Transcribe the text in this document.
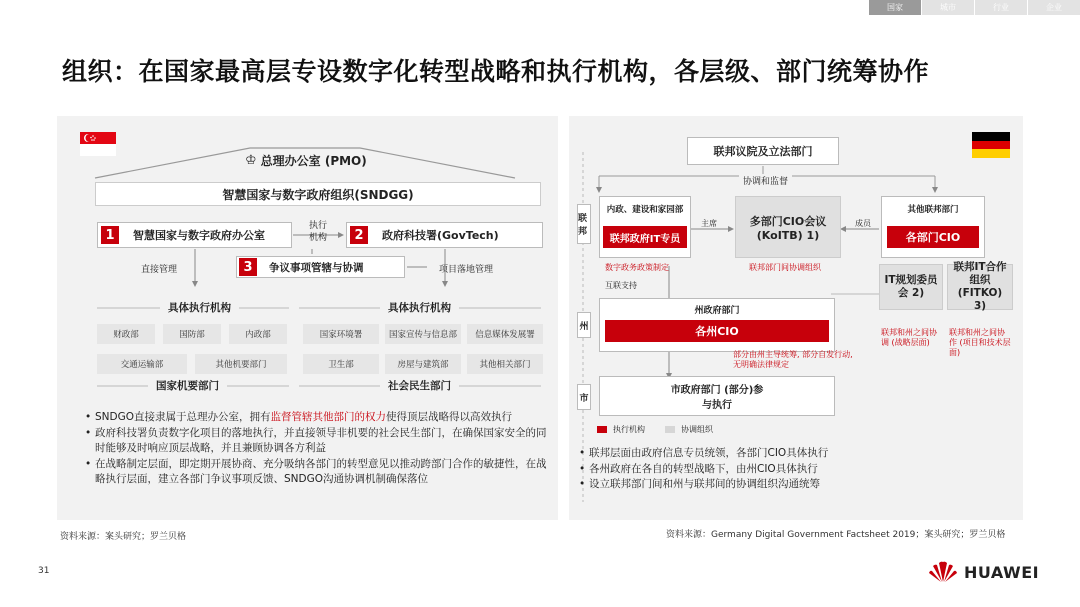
国家	城市	行业	企业
组织：在国家最高层专设数字化转型战略和执行机构，各层级、部门统筹协作
♔ 总理办公室 (PMO)
智慧国家与数字政府组织(SNDGG)
1	智慧国家与数字政府办公室	2	政府科技署(GovTech)
3	争议事项管辖与协调
执行
机构
直接管理	项目落地管理
具体执行机构
财政部	国防部	内政部
交通运输部	其他机要部门
国家机要部门
具体执行机构
国家环境署	国家宣传与信息部	信息媒体发展署
卫生部	房屋与建筑部	其他相关部门
社会民生部门
• SNDGO直接隶属于总理办公室，拥有监督管辖其他部门的权力使得顶层战略得以高效执行
• 政府科技署负责数字化项目的落地执行，并直接领导非机要的社会民生部门，在确保国家安全的同时能够及时响应顶层战略，并且兼顾协调各方利益
• 在战略制定层面，即定期开展协商、充分吸纳各部门的转型意见以推动跨部门合作的敏捷性，在战略执行层面，建立各部门争议事项反馈、SNDGO沟通协调机制确保落位
资料来源：案头研究；罗兰贝格
联邦议院及立法部门
协调和监督
联邦
州
市
内政、建设和家园部
联邦政府IT专员
数字政务政策制定
主席	多部门CIO会议 (KoITB) 1)
联邦部门间协调组织
成员
其他联邦部门
各部门CIO
互联支持	IT规划委员会 2)
联邦IT合作组织(FITKO) 3)
联邦和州之间协调 (战略层面)
联邦和州之间协作 (项目和技术层面)
州政府部门
各州CIO
部分由州主导统筹, 部分自发行动, 无明确法律规定
市政府部门 (部分)参与执行
执行机构	协调组织
• 联邦层面由政府信息专员统领，各部门CIO具体执行
• 各州政府在各自的转型战略下，由州CIO具体执行
• 设立联邦部门间和州与联邦间的协调组织沟通统筹
资料来源：Germany Digital Government Factsheet 2019；案头研究；罗兰贝格
31	HUAWEI
